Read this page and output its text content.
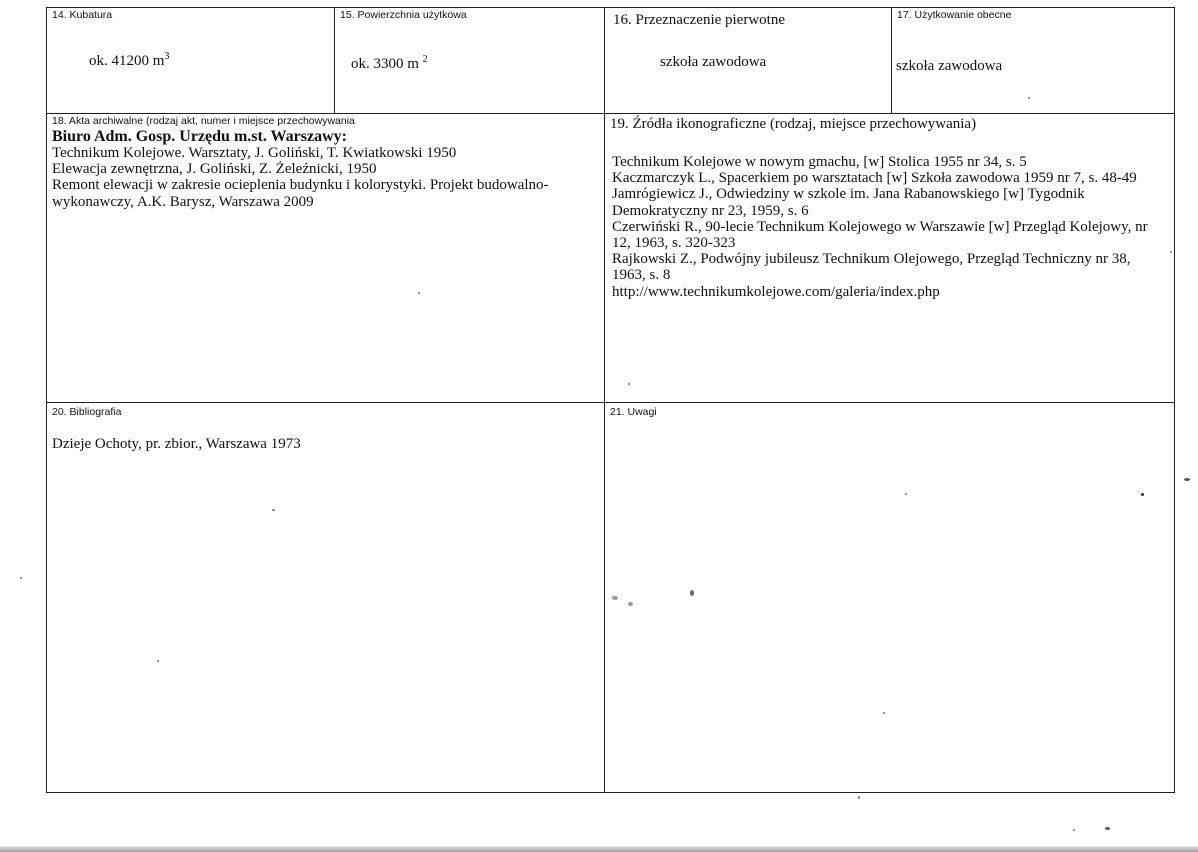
14. Kubatura
ok. 41200 $m^3$
15. Powierzchnia użytkowa
ok. 3300 m $^2$
16. Przeznaczenie pierwotne
szkoła zawodowa
17. Użytkowanie obecne
szkoła zawodowa
18. Akta archiwalne (rodzaj akt, numer i miejsce przechowywania
Biuro Adm. Gosp. Urzędu m.st. Warszawy:
Technikum Kolejowe. Warsztaty, J. Goliński, T. Kwiatkowski 1950
Elewacja zewnętrzna, J. Goliński, Z. Żeleźnicki, 1950
Remont elewacji w zakresie ocieplenia budynku i kolorystyki. Projekt budowalno-
wykonawczy, A.K. Barysz, Warszawa 2009
19. Źródła ikonograficzne (rodzaj, miejsce przechowywania)
Technikum Kolejowe w nowym gmachu, [w] Stolica 1955 nr 34, s. 5
Kaczmarczyk L., Spacerkiem po warsztatach [w] Szkoła zawodowa 1959 nr 7, s. 48-49
Jamrógiewicz J., Odwiedziny w szkole im. Jana Rabanowskiego [w] Tygodnik
Demokratyczny nr 23, 1959, s. 6
Czerwiński R., 90-lecie Technikum Kolejowego w Warszawie [w] Przegląd Kolejowy, nr
12, 1963, s. 320-323
Rajkowski Z., Podwójny jubileusz Technikum Olejowego, Przegląd Techniczny nr 38,
1963, s. 8
http://www.technikumkolejowe.com/galeria/index.php
20. Bibliografia
Dzieje Ochoty, pr. zbior., Warszawa 1973
21. Uwagi
